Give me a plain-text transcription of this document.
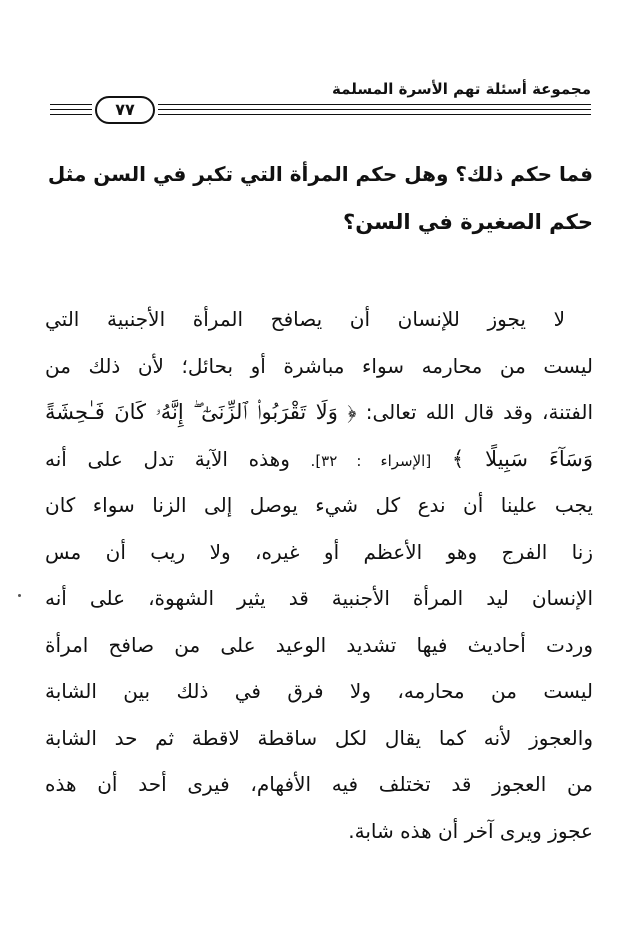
مجموعة أسئلة تهم الأسرة المسلمة
٧٧
فما حكم ذلك؟ وهل حكم المرأة التي تكبر في السن مثل
حكم الصغيرة في السن؟
لا يجوز للإنسان أن يصافح المرأة الأجنبية التي
ليست من محارمه سواء مباشرة أو بحائل؛ لأن ذلك من
الفتنة، وقد قال الله تعالى: ﴿ وَلَا تَقْرَبُوا۟ ٱلزِّنَىٰٓ ۖ إِنَّهُۥ كَانَ فَـٰحِشَةً
وَسَآءَ سَبِيلًا ﴾ [الإسراء : ٣٢]. وهذه الآية تدل على أنه
يجب علينا أن ندع كل شيء يوصل إلى الزنا سواء كان
زنا الفرج وهو الأعظم أو غيره، ولا ريب أن مس
الإنسان ليد المرأة الأجنبية قد يثير الشهوة، على أنه
وردت أحاديث فيها تشديد الوعيد على من صافح امرأة
ليست من محارمه، ولا فرق في ذلك بين الشابة
والعجوز لأنه كما يقال لكل ساقطة لاقطة ثم حد الشابة
من العجوز قد تختلف فيه الأفهام، فيرى أحد أن هذه
عجوز ويرى آخر أن هذه شابة.
